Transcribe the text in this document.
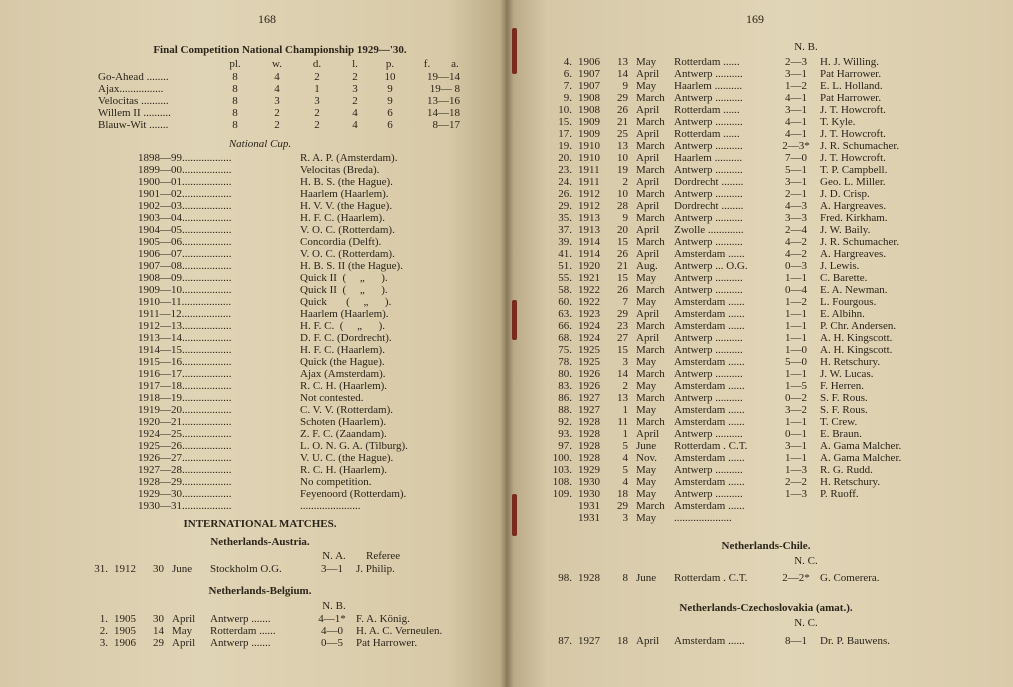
168
Final Competition National Championship 1929—'30.
pl.	w.	d.	l.	p.	f.	a.
Go-Ahead ........	8	4	2	2	10	19—14
Ajax................	8	4	1	3	9	19— 8
Velocitas ..........	8	3	3	2	9	13—16
Willem II ..........	8	2	2	4	6	14—18
Blauw-Wit .......	8	2	2	4	6	8—17
National Cup.
1898—99..................	R. A. P. (Amsterdam).
1899—00..................	Velocitas (Breda).
1900—01..................	H. B. S. (the Hague).
1901—02..................	Haarlem (Haarlem).
1902—03..................	H. V. V. (the Hague).
1903—04..................	H. F. C. (Haarlem).
1904—05..................	V. O. C. (Rotterdam).
1905—06..................	Concordia (Delft).
1906—07..................	V. O. C. (Rotterdam).
1907—08..................	H. B. S. II (the Hague).
1908—09..................	Quick II  (     „      ).
1909—10..................	Quick II  (     „      ).
1910—11..................	Quick       (     „      ).
1911—12..................	Haarlem (Haarlem).
1912—13..................	H. F. C.  (     „      ).
1913—14..................	D. F. C. (Dordrecht).
1914—15..................	H. F. C. (Haarlem).
1915—16..................	Quick (the Hague).
1916—17..................	Ajax (Amsterdam).
1917—18..................	R. C. H. (Haarlem).
1918—19..................	Not contested.
1919—20..................	C. V. V. (Rotterdam).
1920—21..................	Schoten (Haarlem).
1924—25..................	Z. F. C. (Zaandam).
1925—26..................	L. O. N. G. A. (Tilburg).
1926—27..................	V. U. C. (the Hague).
1927—28..................	R. C. H. (Haarlem).
1928—29..................	No competition.
1929—30..................	Feyenoord (Rotterdam).
1930—31..................	......................
INTERNATIONAL MATCHES.
Netherlands-Austria.
N. A.	Referee
31. 1912	30 June Stockholm O.G.	3—1	J. Philip.
Netherlands-Belgium.
N. B.
1. 1905	30 April Antwerp .......	4—1* F. A. König.
2. 1905	14 May Rotterdam ......	4—0	H. A. C. Verneulen.
3. 1906	29 April Antwerp .......	0—5	Pat Harrower.
169
N. B.
4. 1906	13 May Rotterdam ......	2—3	H. J. Willing.
6. 1907	14 April Antwerp ..........	3—1	Pat Harrower.
7. 1907	9 May Haarlem ..........	1—2	E. L. Holland.
9. 1908	29 March Antwerp ..........	4—1	Pat Harrower.
10. 1908	26 April Rotterdam ......	3—1	J. T. Howcroft.
15. 1909	21 March Antwerp ..........	4—1	T. Kyle.
17. 1909	25 April Rotterdam ......	4—1	J. T. Howcroft.
19. 1910	13 March Antwerp ..........	2—3* J. R. Schumacher.
20. 1910	10 April Haarlem ..........	7—0	J. T. Howcroft.
23. 1911	19 March Antwerp ..........	5—1	T. P. Campbell.
24. 1911	2 April Dordrecht ........	3—1	Geo. L. Miller.
26. 1912	10 March Antwerp ..........	2—1	J. D. Crisp.
29. 1912	28 April Dordrecht ........	4—3	A. Hargreaves.
35. 1913	9 March Antwerp ..........	3—3	Fred. Kirkham.
37. 1913	20 April Zwolle .............	2—4	J. W. Baily.
39. 1914	15 March Antwerp ..........	4—2	J. R. Schumacher.
41. 1914	26 April Amsterdam ......	4—2	A. Hargreaves.
51. 1920	21 Aug. Antwerp ... O.G.	0—3	J. Lewis.
55. 1921	15 May Antwerp ..........	1—1	C. Barette.
58. 1922	26 March Antwerp ..........	0—4	E. A. Newman.
60. 1922	7 May Amsterdam ......	1—2	L. Fourgous.
63. 1923	29 April Amsterdam ......	1—1	E. Albihn.
66. 1924	23 March Amsterdam ......	1—1	P. Chr. Andersen.
68. 1924	27 April Antwerp ..........	1—1	A. H. Kingscott.
75. 1925	15 March Antwerp ..........	1—0	A. H. Kingscott.
78. 1925	3 May Amsterdam ......	5—0	H. Retschury.
80. 1926	14 March Antwerp ..........	1—1	J. W. Lucas.
83. 1926	2 May Amsterdam ......	1—5	F. Herren.
86. 1927	13 March Antwerp ..........	0—2	S. F. Rous.
88. 1927	1 May Amsterdam ......	3—2	S. F. Rous.
92. 1928	11 March Amsterdam ......	1—1	T. Crew.
93. 1928	1 April Antwerp ..........	0—1	E. Braun.
97. 1928	5 June Rotterdam . C.T.	3—1	A. Gama Malcher.
100. 1928	4 Nov. Amsterdam ......	1—1	A. Gama Malcher.
103. 1929	5 May Antwerp ..........	1—3	R. G. Rudd.
108. 1930	4 May Amsterdam ......	2—2	H. Retschury.
109. 1930	18 May Antwerp ..........	1—3	P. Ruoff.
1931	29 March Amsterdam ......
1931	3 May .....................
Netherlands-Chile.
N. C.
98. 1928	8 June Rotterdam . C.T.	2—2* G. Comerera.
Netherlands-Czechoslovakia (amat.).
N. C.
87. 1927	18 April Amsterdam ......	8—1	Dr. P. Bauwens.
